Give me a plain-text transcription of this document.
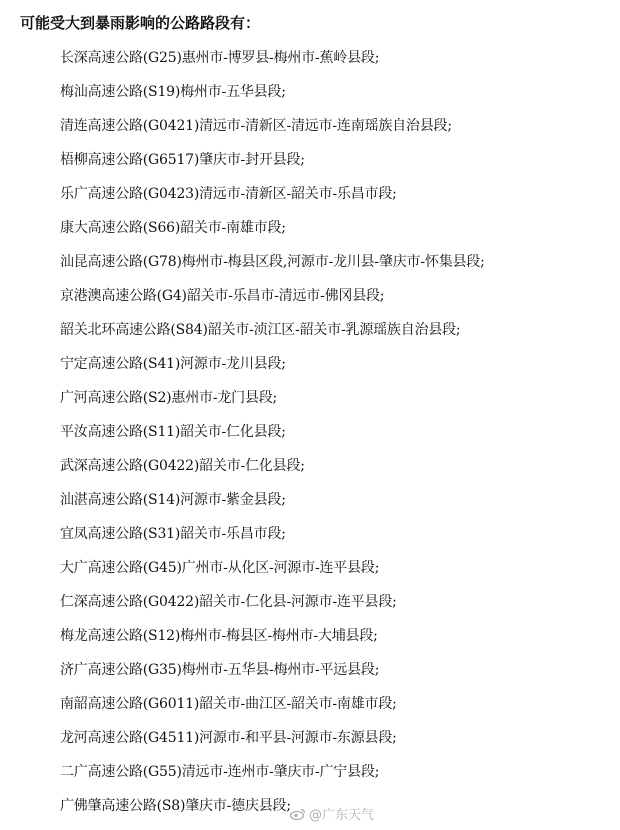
可能受大到暴雨影响的公路路段有：
长深高速公路(G25)惠州市-博罗县-梅州市-蕉岭县段;
梅汕高速公路(S19)梅州市-五华县段;
清连高速公路(G0421)清远市-清新区-清远市-连南瑶族自治县段;
梧柳高速公路(G6517)肇庆市-封开县段;
乐广高速公路(G0423)清远市-清新区-韶关市-乐昌市段;
康大高速公路(S66)韶关市-南雄市段;
汕昆高速公路(G78)梅州市-梅县区段,河源市-龙川县-肇庆市-怀集县段;
京港澳高速公路(G4)韶关市-乐昌市-清远市-佛冈县段;
韶关北环高速公路(S84)韶关市-浈江区-韶关市-乳源瑶族自治县段;
宁定高速公路(S41)河源市-龙川县段;
广河高速公路(S2)惠州市-龙门县段;
平汝高速公路(S11)韶关市-仁化县段;
武深高速公路(G0422)韶关市-仁化县段;
汕湛高速公路(S14)河源市-紫金县段;
宜凤高速公路(S31)韶关市-乐昌市段;
大广高速公路(G45)广州市-从化区-河源市-连平县段;
仁深高速公路(G0422)韶关市-仁化县-河源市-连平县段;
梅龙高速公路(S12)梅州市-梅县区-梅州市-大埔县段;
济广高速公路(G35)梅州市-五华县-梅州市-平远县段;
南韶高速公路(G6011)韶关市-曲江区-韶关市-南雄市段;
龙河高速公路(G4511)河源市-和平县-河源市-东源县段;
二广高速公路(G55)清远市-连州市-肇庆市-广宁县段;
广佛肇高速公路(S8)肇庆市-德庆县段;
@广东天气
